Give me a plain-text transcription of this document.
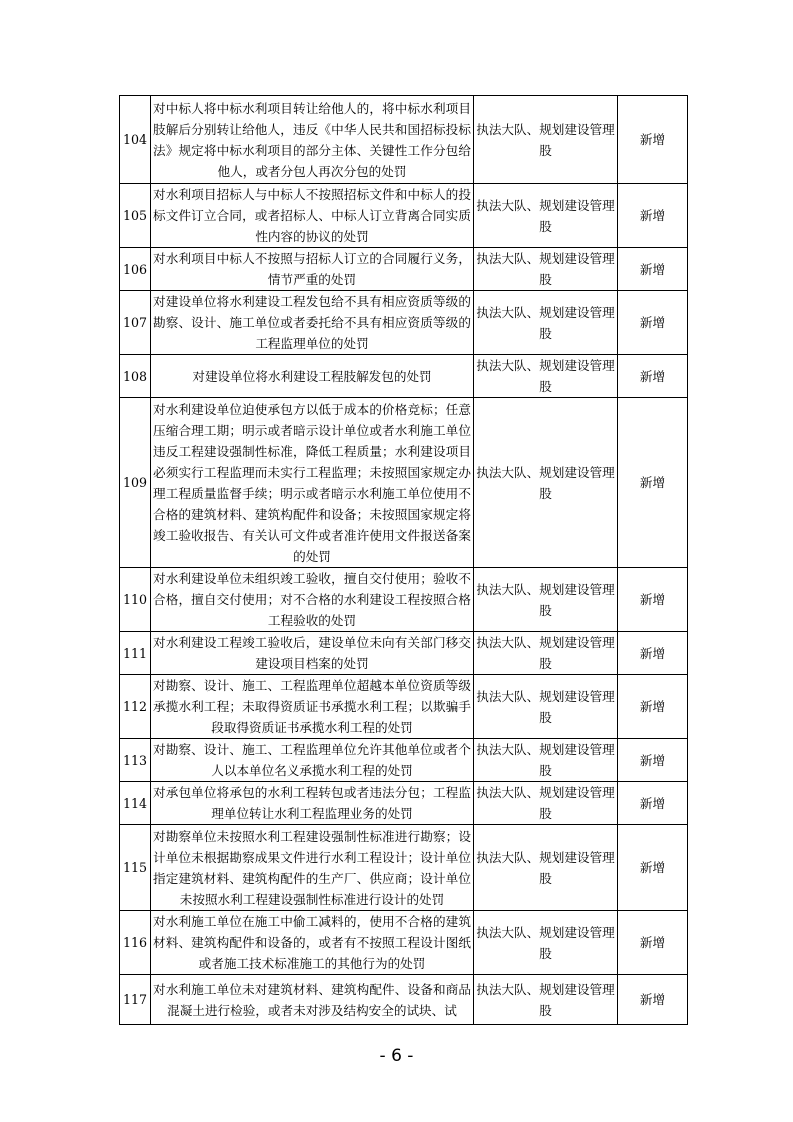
104	对中标人将中标水利项目转让给他人的，将中标水利项目肢解后分别转让给他人，违反《中华人民共和国招标投标法》规定将中标水利项目的部分主体、关键性工作分包给他人，或者分包人再次分包的处罚	执法大队、规划建设管理股	新增
105	对水利项目招标人与中标人不按照招标文件和中标人的投标文件订立合同，或者招标人、中标人订立背离合同实质性内容的协议的处罚	执法大队、规划建设管理股	新增
106	对水利项目中标人不按照与招标人订立的合同履行义务，情节严重的处罚	执法大队、规划建设管理股	新增
107	对建设单位将水利建设工程发包给不具有相应资质等级的勘察、设计、施工单位或者委托给不具有相应资质等级的工程监理单位的处罚	执法大队、规划建设管理股	新增
108	对建设单位将水利建设工程肢解发包的处罚	执法大队、规划建设管理股	新增
109	对水利建设单位迫使承包方以低于成本的价格竞标；任意压缩合理工期；明示或者暗示设计单位或者水利施工单位违反工程建设强制性标准，降低工程质量；水利建设项目必须实行工程监理而未实行工程监理；未按照国家规定办理工程质量监督手续；明示或者暗示水利施工单位使用不合格的建筑材料、建筑构配件和设备；未按照国家规定将竣工验收报告、有关认可文件或者准许使用文件报送备案的处罚	执法大队、规划建设管理股	新增
110	对水利建设单位未组织竣工验收，擅自交付使用；验收不合格，擅自交付使用；对不合格的水利建设工程按照合格工程验收的处罚	执法大队、规划建设管理股	新增
111	对水利建设工程竣工验收后，建设单位未向有关部门移交建设项目档案的处罚	执法大队、规划建设管理股	新增
112	对勘察、设计、施工、工程监理单位超越本单位资质等级承揽水利工程；未取得资质证书承揽水利工程；以欺骗手段取得资质证书承揽水利工程的处罚	执法大队、规划建设管理股	新增
113	对勘察、设计、施工、工程监理单位允许其他单位或者个人以本单位名义承揽水利工程的处罚	执法大队、规划建设管理股	新增
114	对承包单位将承包的水利工程转包或者违法分包；工程监理单位转让水利工程监理业务的处罚	执法大队、规划建设管理股	新增
115	对勘察单位未按照水利工程建设强制性标准进行勘察；设计单位未根据勘察成果文件进行水利工程设计；设计单位指定建筑材料、建筑构配件的生产厂、供应商；设计单位未按照水利工程建设强制性标准进行设计的处罚	执法大队、规划建设管理股	新增
116	对水利施工单位在施工中偷工减料的，使用不合格的建筑材料、建筑构配件和设备的，或者有不按照工程设计图纸或者施工技术标准施工的其他行为的处罚	执法大队、规划建设管理股	新增
117	对水利施工单位未对建筑材料、建筑构配件、设备和商品混凝土进行检验，或者未对涉及结构安全的试块、试	执法大队、规划建设管理股	新增
- 6 -
